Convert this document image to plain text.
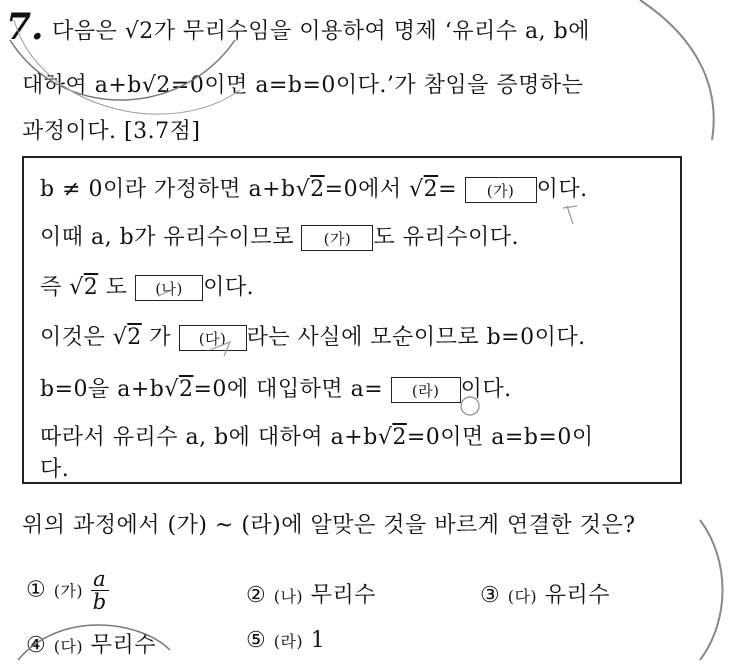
7. 다음은 √2가 무리수임을 이용하여 명제 ‘유리수 a, b에
대하여 a+b√2=0이면 a=b=0이다.’가 참임을 증명하는
과정이다. [3.7점]
b ≠ 0이라 가정하면 a+b√2=0에서 √2= (가) 이다.
이때 a, b가 유리수이므로 (가) 도 유리수이다.
즉 √2 도 (나) 이다.
이것은 √2 가 (다) 라는 사실에 모순이므로 b=0이다.
b=0을 a+b√2=0에 대입하면 a= (라) 이다.
따라서 유리수 a, b에 대하여 a+b√2=0이면 a=b=0이
다.
위의 과정에서 (가) ~ (라)에 알맞은 것을 바르게 연결한 것은?
① (가) $\frac{a}{b}$	② (나) 무리수	③ (다) 유리수
④ (다) 무리수	⑤ (라) 1
